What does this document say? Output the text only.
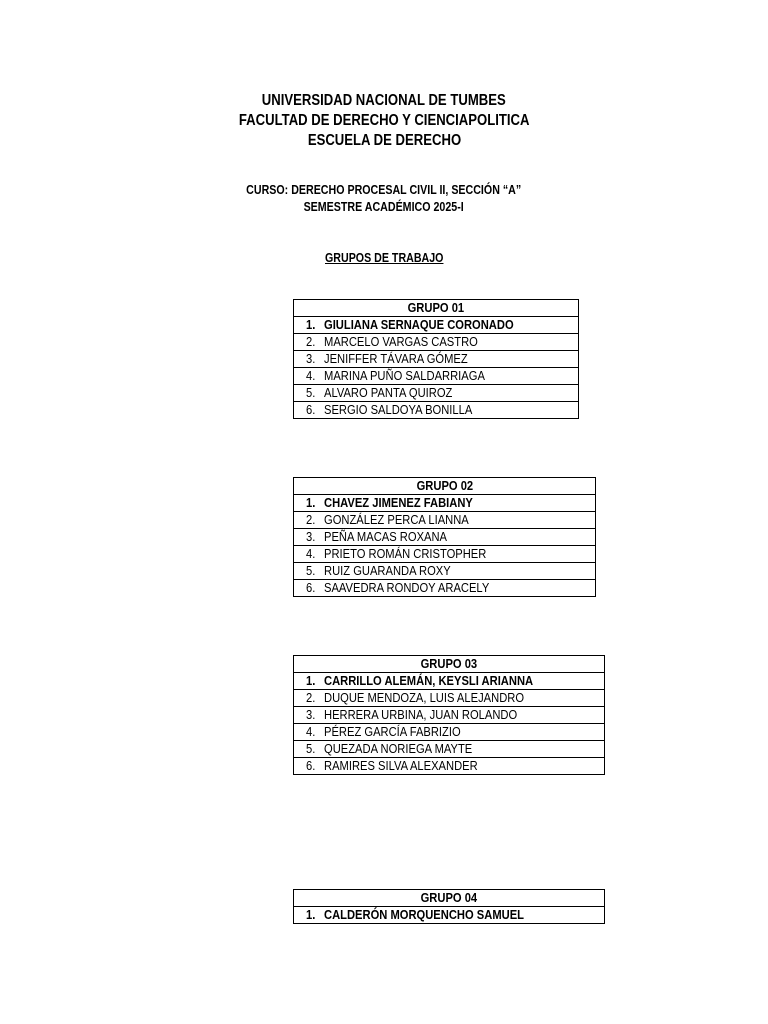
UNIVERSIDAD NACIONAL DE TUMBES
FACULTAD DE DERECHO Y CIENCIAPOLITICA
ESCUELA DE DERECHO
CURSO: DERECHO PROCESAL CIVIL II, SECCIÓN “A”
SEMESTRE ACADÉMICO 2025-I
GRUPOS DE TRABAJO
GRUPO 01	
1.	GIULIANA SERNAQUE CORONADO
2.	MARCELO VARGAS CASTRO
3.	JENIFFER TÁVARA GÓMEZ
4.	MARINA PUÑO SALDARRIAGA
5.	ALVARO PANTA QUIROZ
6.	SERGIO SALDOYA BONILLA
GRUPO 02	
1.	CHAVEZ JIMENEZ FABIANY
2.	GONZÁLEZ PERCA LIANNA
3.	PEÑA MACAS ROXANA
4.	PRIETO ROMÁN CRISTOPHER
5.	RUIZ GUARANDA ROXY
6.	SAAVEDRA RONDOY ARACELY
GRUPO 03	
1.	CARRILLO ALEMÁN, KEYSLI ARIANNA
2.	DUQUE MENDOZA, LUIS ALEJANDRO
3.	HERRERA URBINA, JUAN ROLANDO
4.	PÉREZ GARCÍA FABRIZIO
5.	QUEZADA NORIEGA MAYTE
6.	RAMIRES SILVA ALEXANDER
GRUPO 04
1.	CALDERÓN MORQUENCHO SAMUEL
